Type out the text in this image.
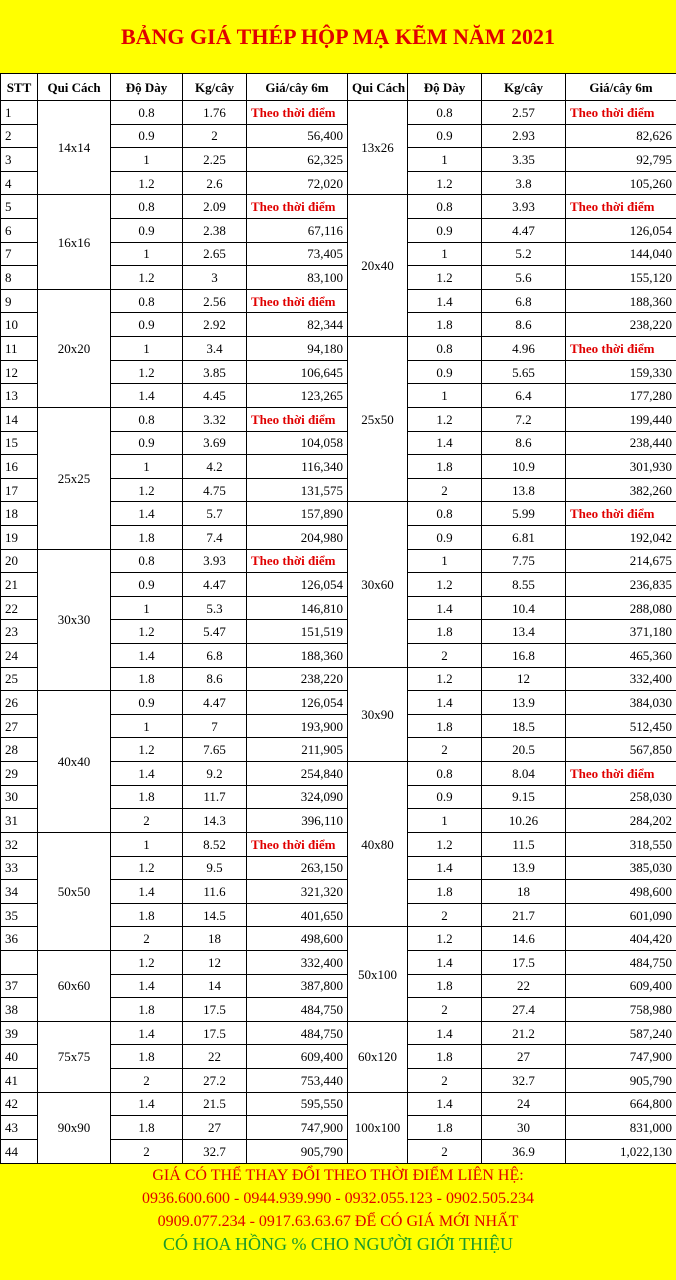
BẢNG GIÁ THÉP HỘP MẠ KẼM NĂM 2021
STT	Qui Cách	Độ Dày	Kg/cây	Giá/cây 6m	Qui Cách	Độ Dày	Kg/cây	Giá/cây 6m
1	14x14	0.8	1.76	Theo thời điểm	13x26	0.8	2.57	Theo thời điểm
2		0.9	2	56,400		0.9	2.93	82,626
3		1	2.25	62,325		1	3.35	92,795
4		1.2	2.6	72,020		1.2	3.8	105,260
5	16x16	0.8	2.09	Theo thời điểm	20x40	0.8	3.93	Theo thời điểm
6		0.9	2.38	67,116		0.9	4.47	126,054
7		1	2.65	73,405		1	5.2	144,040
8		1.2	3	83,100		1.2	5.6	155,120
9	20x20	0.8	2.56	Theo thời điểm		1.4	6.8	188,360
10		0.9	2.92	82,344		1.8	8.6	238,220
11		1	3.4	94,180	25x50	0.8	4.96	Theo thời điểm
12		1.2	3.85	106,645		0.9	5.65	159,330
13		1.4	4.45	123,265		1	6.4	177,280
14	25x25	0.8	3.32	Theo thời điểm		1.2	7.2	199,440
15		0.9	3.69	104,058		1.4	8.6	238,440
16		1	4.2	116,340		1.8	10.9	301,930
17		1.2	4.75	131,575		2	13.8	382,260
18		1.4	5.7	157,890	30x60	0.8	5.99	Theo thời điểm
19		1.8	7.4	204,980		0.9	6.81	192,042
20	30x30	0.8	3.93	Theo thời điểm		1	7.75	214,675
21		0.9	4.47	126,054		1.2	8.55	236,835
22		1	5.3	146,810		1.4	10.4	288,080
23		1.2	5.47	151,519		1.8	13.4	371,180
24		1.4	6.8	188,360		2	16.8	465,360
25		1.8	8.6	238,220	30x90	1.2	12	332,400
26	40x40	0.9	4.47	126,054		1.4	13.9	384,030
27		1	7	193,900		1.8	18.5	512,450
28		1.2	7.65	211,905		2	20.5	567,850
29		1.4	9.2	254,840	40x80	0.8	8.04	Theo thời điểm
30		1.8	11.7	324,090		0.9	9.15	258,030
31		2	14.3	396,110		1	10.26	284,202
32	50x50	1	8.52	Theo thời điểm		1.2	11.5	318,550
33		1.2	9.5	263,150		1.4	13.9	385,030
34		1.4	11.6	321,320		1.8	18	498,600
35		1.8	14.5	401,650		2	21.7	601,090
36		2	18	498,600	50x100	1.2	14.6	404,420
	60x60	1.2	12	332,400		1.4	17.5	484,750
37		1.4	14	387,800		1.8	22	609,400
38		1.8	17.5	484,750		2	27.4	758,980
39	75x75	1.4	17.5	484,750	60x120	1.4	21.2	587,240
40		1.8	22	609,400		1.8	27	747,900
41		2	27.2	753,440		2	32.7	905,790
42	90x90	1.4	21.5	595,550	100x100	1.4	24	664,800
43		1.8	27	747,900		1.8	30	831,000
44		2	32.7	905,790		2	36.9	1,022,130
GIÁ CÓ THỂ THAY ĐỔI THEO THỜI ĐIỂM LIÊN HỆ:
0936.600.600 - 0944.939.990 - 0932.055.123 - 0902.505.234
0909.077.234 - 0917.63.63.67 ĐỂ CÓ GIÁ MỚI NHẤT
CÓ HOA HỒNG % CHO NGƯỜI GIỚI THIỆU
